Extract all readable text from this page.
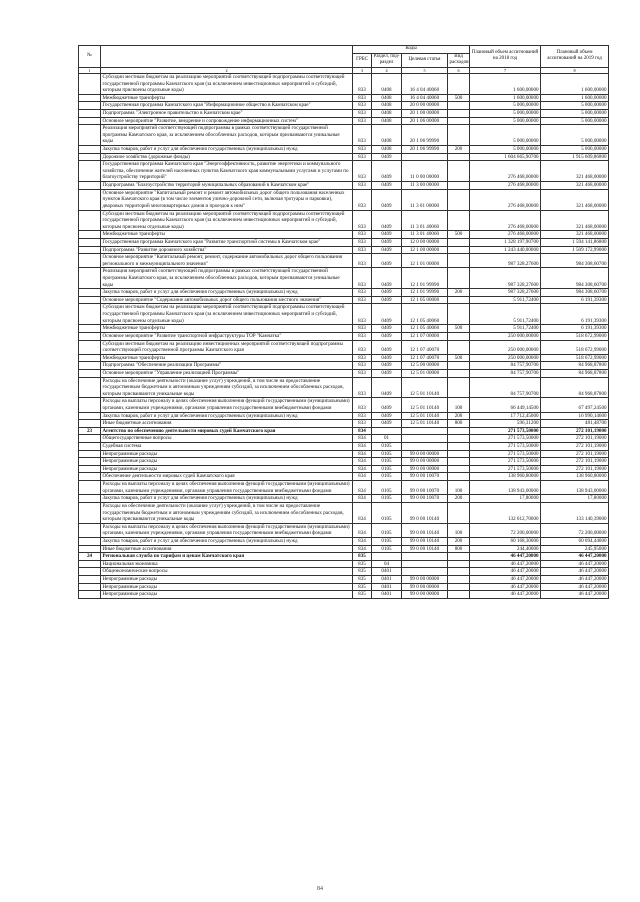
№		Коды				Плановый объем ассигнований на 2018 год	Плановый объем ассигнований на 2019 год
		ГРБС	Раздел, под-раздел	Целевая статья	Вид расходов		
1	2	3	4	5	6	7	8
	Субсидии местным бюджетам на реализацию мероприятий соответствующей подпрограммы соответствующей государственной программы Камчатского края (за исключением инвестиционных мероприятий и субсидий, которым присвоены отдельные коды)	833	0408	16 4 04 40060		1 600,00000	1 600,00000
	Межбюджетные трансферты	833	0408	16 4 04 40060	500	1 600,00000	1 600,00000
	Государственная программа Камчатского края "Информационное общество в Камчатском крае"	833	0408	20 0 00 00000		5 000,00000	5 000,00000
	Подпрограмма "Электронное правительство в Камчатском крае"	833	0408	20 1 00 00000		5 000,00000	5 000,00000
	Основное мероприятие "Развитие, внедрение и сопровождение информационных систем"	833	0408	20 1 06 00000		5 000,00000	5 000,00000
	Реализация мероприятий соответствующей подпрограммы в рамках соответствующей государственной программы Камчатского края, за исключением обособленных расходов, которым присваиваются уникальные коды	833	0408	20 1 06 99990		5 000,00000	5 000,00000
	Закупка товаров, работ и услуг для обеспечения государственных (муниципальных) нужд	833	0408	20 1 06 99990	200	5 000,00000	5 000,00000
	Дорожное хозяйство (дорожные фонды)	833	0409			1 604 665,90700	1 915 609,86800
	Государственная программа Камчатского края "Энергоэффективность, развитие энергетики и коммунального хозяйства, обеспечение жителей населенных пунктов Камчатского края коммунальными услугами и услугами по благоустройству территорий"	833	0409	11 0 00 00000		276 468,00000	321 468,00000
	Подпрограмма "Благоустройство территорий муниципальных образований в Камчатском крае"	833	0409	11 3 00 00000		276 468,00000	321 468,00000
	Основное мероприятие "Капитальный ремонт и ремонт автомобильных дорог общего пользования населенных пунктов Камчатского края (в том числе элементов улично-дорожной сети, включая тротуары и парковки), дворовых территорий многоквартирных домов и проездов к ним"	833	0409	11 3 01 00000		276 468,00000	321 468,00000
	Субсидии местным бюджетам на реализацию мероприятий соответствующей подпрограммы соответствующей государственной программы Камчатского края (за исключением инвестиционных мероприятий и субсидий, которым присвоены отдельные коды)	833	0409	11 3 01 40060		276 468,00000	321 468,00000
	Межбюджетные трансферты	833	0409	11 3 01 40060	500	276 468,00000	321 468,00000
	Государственная программа Камчатского края "Развитие транспортной системы в Камчатском крае"	833	0409	12 0 00 00000		1 328 197,90700	1 594 141,86800
	Подпрограмма "Развитие дорожного хозяйства"	833	0409	12 1 00 00000		1 243 440,00000	1 509 172,99000
	Основное мероприятие "Капитальный ремонт, ремонт, содержание автомобильных дорог общего пользования регионального и межмуниципального значения"	833	0409	12 1 01 00000		987 328,27600	984 308,60700
	Реализация мероприятий соответствующей подпрограммы в рамках соответствующей государственной программы Камчатского края, за исключением обособленных расходов, которым присваиваются уникальные коды	833	0409	12 1 01 99990		987 328,27600	984 308,60700
	Закупка товаров, работ и услуг для обеспечения государственных (муниципальных) нужд	833	0409	12 1 01 99990	200	987 328,27600	984 308,60700
	Основное мероприятие "Содержание автомобильных дорог общего пользования местного значения"	833	0409	12 1 05 00000		5 911,72400	6 191,39300
	Субсидии местным бюджетам на реализацию мероприятий соответствующей подпрограммы соответствующей государственной программы Камчатского края (за исключением инвестиционных мероприятий и субсидий, которым присвоены отдельные коды)	833	0409	12 1 05 40060		5 911,72400	6 191,39300
	Межбюджетные трансферты	833	0409	12 1 05 40060	500	5 911,72400	6 191,39300
	Основное мероприятие "Развитие транспортной инфраструктуры ТОР "Камчатка"	833	0409	12 1 07 00000		250 000,00000	518 672,99000
	Субсидии местным бюджетам на реализацию инвестиционных мероприятий соответствующей подпрограммы соответствующей государственной программы Камчатского края	833	0409	12 1 07 40070		250 000,00000	518 672,99000
	Межбюджетные трансферты	833	0409	12 1 07 40070	500	250 000,00000	518 672,99000
	Подпрограмма "Обеспечение реализации Программы"	833	0409	12 5 00 00000		84 757,90700	84 968,87800
	Основное мероприятие "Управление реализацией Программы"	833	0409	12 5 01 00000		84 757,90700	84 968,87800
	Расходы на обеспечение деятельности (оказание услуг) учреждений, в том числе на предоставление государственным бюджетным и автономным учреждениям субсидий, за исключением обособленных расходов, которым присваиваются уникальные коды	833	0409	12 5 01 10140		84 757,90700	84 968,87800
	Расходы на выплаты персоналу в целях обеспечения выполнения функций государственными (муниципальными) органами, казенными учреждениями, органами управления государственными внебюджетными фондами	833	0409	12 5 01 10140	100	66 449,14500	67 497,24500
	Закупка товаров, работ и услуг для обеспечения государственных (муниципальных) нужд	833	0409	12 5 01 10140	200	17 712,45000	16 990,14600
	Иные бюджетные ассигнования	833	0409	12 5 01 10140	800	596,31200	481,48700
23	Агентство по обеспечению деятельности мировых судей Камчатского края	834				271 573,50000	272 101,19000
	Общегосударственные вопросы	834	01			271 573,50000	272 101,19000
	Судебная система	834	0105			271 573,50000	272 101,19000
	Непрограммные расходы	834	0105	99 0 00 00000		271 573,50000	272 101,19000
	Непрограммные расходы	834	0105	99 0 00 00000		271 573,50000	272 101,19000
	Непрограммные расходы	834	0105	99 0 00 00000		271 573,50000	272 101,19000
	Обеспечение деятельности мировых судей Камчатского края	834	0105	99 0 00 10070		138 960,80000	138 960,80000
	Расходы на выплаты персоналу в целях обеспечения выполнения функций государственными (муниципальными) органами, казенными учреждениями, органами управления государственными внебюджетными фондами	834	0105	99 0 00 10070	100	138 943,00000	138 943,00000
	Закупка товаров, работ и услуг для обеспечения государственных (муниципальных) нужд	834	0105	99 0 00 10070	200	17,80000	17,80000
	Расходы на обеспечение деятельности (оказание услуг) учреждений, в том числе на предоставление государственным бюджетным и автономным учреждениям субсидий, за исключением обособленных расходов, которым присваиваются уникальные коды	834	0105	99 0 00 10140		132 612,70000	133 140,39000
	Расходы на выплаты персоналу в целях обеспечения выполнения функций государственными (муниципальными) органами, казенными учреждениями, органами управления государственными внебюджетными фондами	834	0105	99 0 00 10140	100	72 200,00000	72 200,00000
	Закупка товаров, работ и услуг для обеспечения государственных (муниципальных) нужд	834	0105	99 0 00 10140	200	60 168,30000	60 694,44000
	Иные бюджетные ассигнования	834	0105	99 0 00 10140	800	244,40000	245,95000
24	Региональная служба по тарифам и ценам Камчатского края	835				46 447,20000	46 447,20000
	Национальная экономика	835	04			46 447,20000	46 447,20000
	Общеэкономические вопросы	835	0401			46 447,20000	46 447,20000
	Непрограммные расходы	835	0401	99 0 00 00000		46 447,20000	46 447,20000
	Непрограммные расходы	835	0401	99 0 00 00000		46 447,20000	46 447,20000
	Непрограммные расходы	835	0401	99 0 00 00000		46 447,20000	46 447,20000
84
